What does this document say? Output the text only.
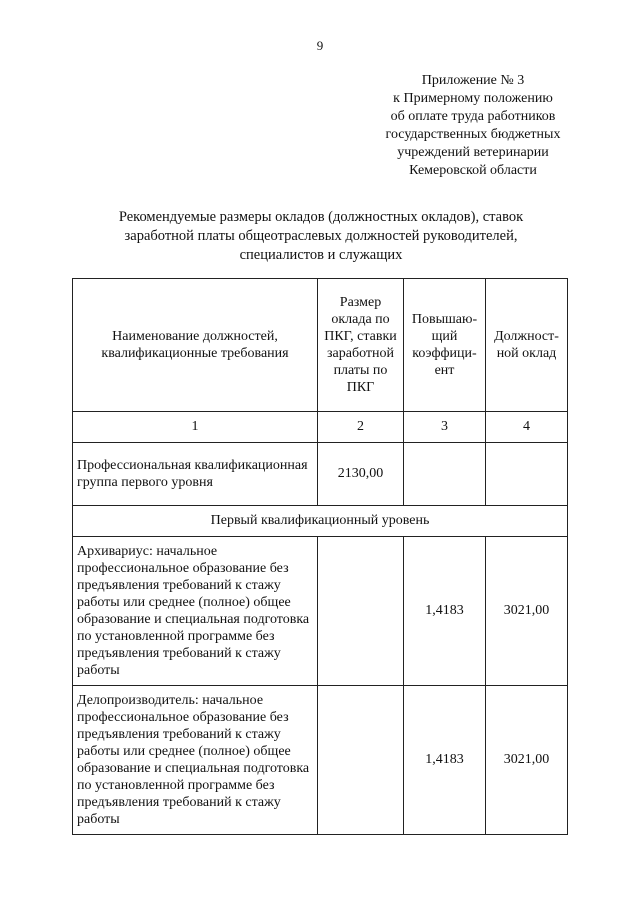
9
Приложение № 3
к Примерному положению
об оплате труда работников
государственных бюджетных
учреждений ветеринарии
Кемеровской области
Рекомендуемые размеры окладов (должностных окладов), ставок
заработной платы общеотраслевых должностей руководителей,
специалистов и служащих
Наименование должностей, квалификационные требования	Размер оклада по ПКГ, ставки заработной платы по ПКГ	Повышаю-щий коэффици-ент	Должност-ной оклад
1	2	3	4
Профессиональная квалификационная группа первого уровня	2130,00		
Первый квалификационный уровень			
Архивариус: начальное профессиональное образование без предъявления требований к стажу работы или среднее (полное) общее образование и специальная подготовка по установленной программе без предъявления требований к стажу работы		1,4183	3021,00
Делопроизводитель: начальное профессиональное образование без предъявления требований к стажу работы или среднее (полное) общее образование и специальная подготовка по установленной программе без предъявления требований к стажу работы		1,4183	3021,00
